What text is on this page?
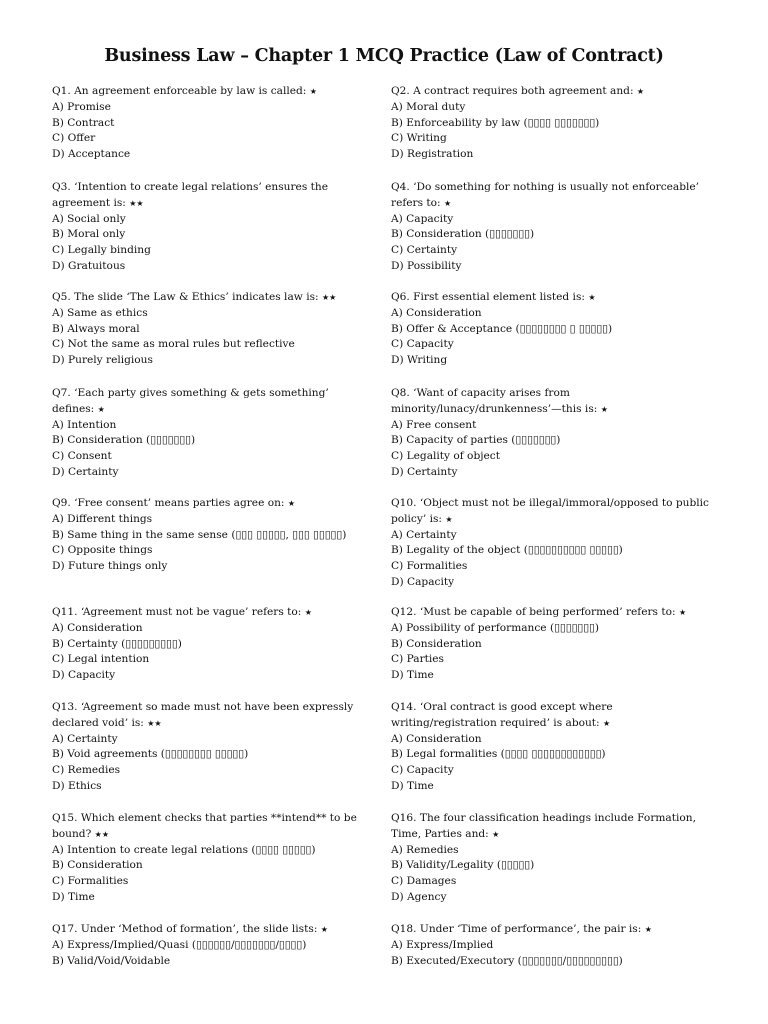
Business Law – Chapter 1 MCQ Practice (Law of Contract)

Q1. An agreement enforceable by law is called: ★

A) Promise

B) Contract

C) Offer

D) Acceptance

Q2. A contract requires both agreement and: ★

A) Moral duty

B) Enforceability by law (▯▯▯▯ ▯▯▯▯▯▯▯)

C) Writing

D) Registration

Q3. ‘Intention to create legal relations’ ensures the agreement is: ★★

A) Social only

B) Moral only

C) Legally binding

D) Gratuitous

Q4. ‘Do something for nothing is usually not enforceable’ refers to: ★

A) Capacity

B) Consideration (▯▯▯▯▯▯▯)

C) Certainty

D) Possibility

Q5. The slide ‘The Law & Ethics’ indicates law is: ★★

A) Same as ethics

B) Always moral

C) Not the same as moral rules but reflective

D) Purely religious

Q6. First essential element listed is: ★

A) Consideration

B) Offer & Acceptance (▯▯▯▯▯▯▯▯ ▯ ▯▯▯▯▯)

C) Capacity

D) Writing

Q7. ‘Each party gives something & gets something’ defines: ★

A) Intention

B) Consideration (▯▯▯▯▯▯▯)

C) Consent

D) Certainty

Q8. ‘Want of capacity arises from minority/lunacy/drunkenness’—this is: ★

A) Free consent

B) Capacity of parties (▯▯▯▯▯▯▯)

C) Legality of object

D) Certainty

Q9. ‘Free consent’ means parties agree on: ★

A) Different things

B) Same thing in the same sense (▯▯▯ ▯▯▯▯▯, ▯▯▯ ▯▯▯▯▯)

C) Opposite things

D) Future things only

Q10. ‘Object must not be illegal/immoral/opposed to public policy’ is: ★

A) Certainty

B) Legality of the object (▯▯▯▯▯▯▯▯▯▯ ▯▯▯▯▯)

C) Formalities

D) Capacity

Q11. ‘Agreement must not be vague’ refers to: ★

A) Consideration

B) Certainty (▯▯▯▯▯▯▯▯▯)

C) Legal intention

D) Capacity

Q12. ‘Must be capable of being performed’ refers to: ★

A) Possibility of performance (▯▯▯▯▯▯▯)

B) Consideration

C) Parties

D) Time

Q13. ‘Agreement so made must not have been expressly declared void’ is: ★★

A) Certainty

B) Void agreements (▯▯▯▯▯▯▯▯ ▯▯▯▯▯)

C) Remedies

D) Ethics

Q14. ‘Oral contract is good except where writing/registration required’ is about: ★

A) Consideration

B) Legal formalities (▯▯▯▯ ▯▯▯▯▯▯▯▯▯▯▯▯)

C) Capacity

D) Time

Q15. Which element checks that parties **intend** to be bound? ★★

A) Intention to create legal relations (▯▯▯▯ ▯▯▯▯▯)

B) Consideration

C) Formalities

D) Time

Q16. The four classification headings include Formation, Time, Parties and: ★

A) Remedies

B) Validity/Legality (▯▯▯▯▯)

C) Damages

D) Agency

Q17. Under ‘Method of formation’, the slide lists: ★

A) Express/Implied/Quasi (▯▯▯▯▯▯/▯▯▯▯▯▯▯/▯▯▯▯)

B) Valid/Void/Voidable

Q18. Under ‘Time of performance’, the pair is: ★

A) Express/Implied

B) Executed/Executory (▯▯▯▯▯▯▯/▯▯▯▯▯▯▯▯▯)
